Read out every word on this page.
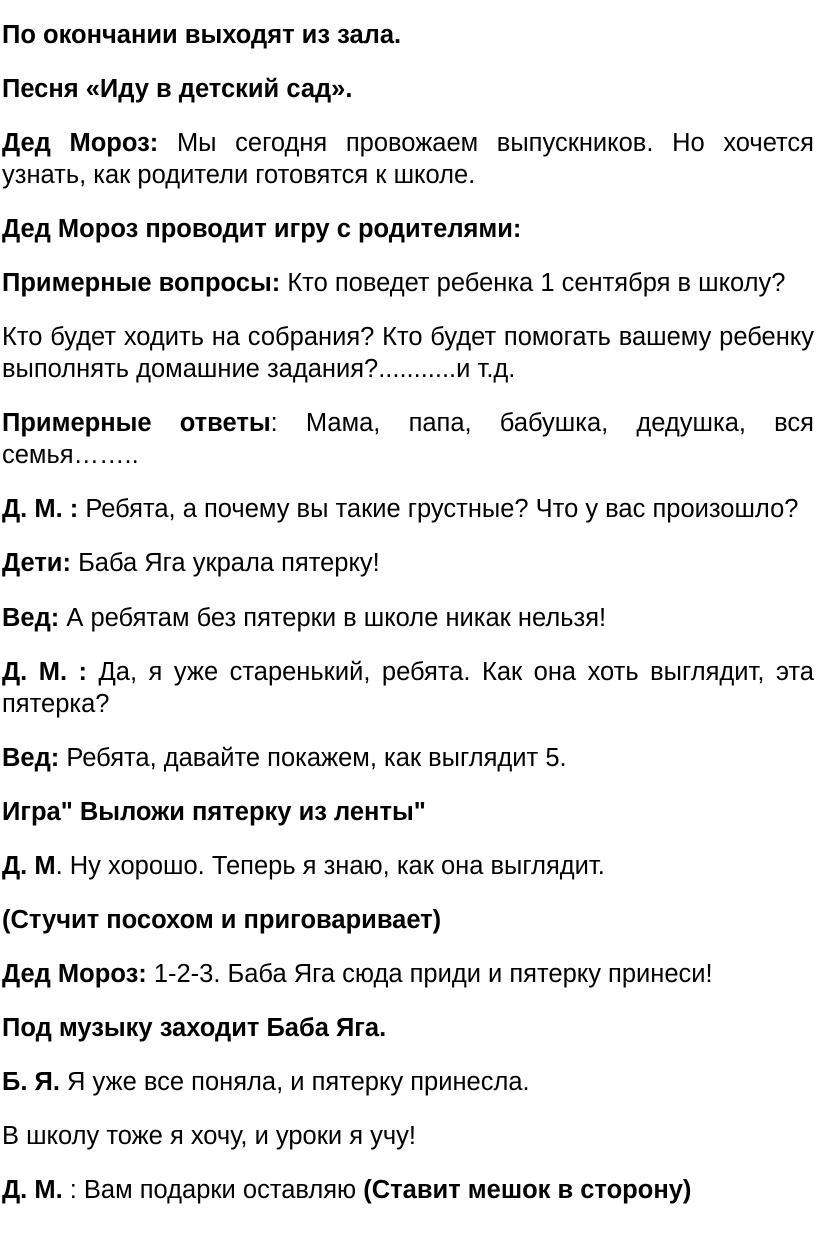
По окончании выходят из зала.

Песня «Иду в детский сад».

Дед Мороз: Мы сегодня провожаем выпускников. Но хочется узнать, как родители готовятся к школе.

Дед Мороз проводит игру с родителями:

Примерные вопросы: Кто поведет ребенка 1 сентября в школу?

Кто будет ходить на собрания? Кто будет помогать вашему ребенку выполнять домашние задания?...........и т.д.

Примерные ответы: Мама, папа, бабушка, дедушка, вся семья……..

Д. М. : Ребята, а почему вы такие грустные? Что у вас произошло?

Дети: Баба Яга украла пятерку!

Вед: А ребятам без пятерки в школе никак нельзя!

Д. М. : Да, я уже старенький, ребята. Как она хоть выглядит, эта пятерка?

Вед: Ребята, давайте покажем, как выглядит 5.

Игра" Выложи пятерку из ленты"

Д. М. Ну хорошо. Теперь я знаю, как она выглядит.

(Стучит посохом и приговаривает)

Дед Мороз: 1-2-3. Баба Яга сюда приди и пятерку принеси!

Под музыку заходит Баба Яга.

Б. Я. Я уже все поняла, и пятерку принесла.

В школу тоже я хочу, и уроки я учу!

Д. М. : Вам подарки оставляю (Ставит мешок в сторону)
